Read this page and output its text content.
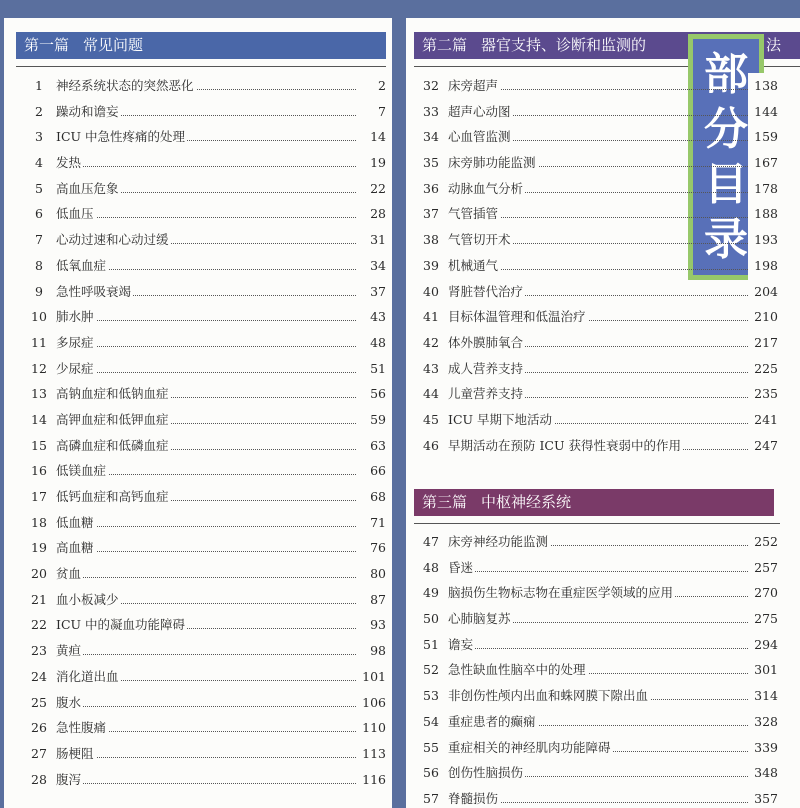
第一篇 常见问题
1	神经系统状态的突然恶化	2
2	躁动和谵妄	7
3	ICU 中急性疼痛的处理	14
4	发热	19
5	高血压危象	22
6	低血压	28
7	心动过速和心动过缓	31
8	低氧血症	34
9	急性呼吸衰竭	37
10 肺水肿	43
11 多尿症	48
12 少尿症	51
13 高钠血症和低钠血症	56
14 高钾血症和低钾血症	59
15 高磷血症和低磷血症	63
16 低镁血症	66
17 低钙血症和高钙血症	68
18 低血糖	71
19 高血糖	76
20 贫血	80
21 血小板减少	87
22 ICU 中的凝血功能障碍	93
23 黄疸	98
24 消化道出血	101
25 腹水	106
26 急性腹痛	110
27 肠梗阻	113
28 腹泻	116
第二篇 器官支持、诊断和监测的	法
32 床旁超声	138
33 超声心动图	144
34 心血管监测	159
35 床旁肺功能监测	167
36 动脉血气分析	178
37 气管插管	188
38 气管切开术	193
39 机械通气	198
40 肾脏替代治疗	204
41 目标体温管理和低温治疗	210
42 体外膜肺氧合	217
43 成人营养支持	225
44 儿童营养支持	235
45 ICU 早期下地活动	241
46 早期活动在预防 ICU 获得性衰弱中的作用	247
第三篇 中枢神经系统
47 床旁神经功能监测	252
48 昏迷	257
49 脑损伤生物标志物在重症医学领域的应用	270
50 心肺脑复苏	275
51 谵妄	294
52 急性缺血性脑卒中的处理	301
53 非创伤性颅内出血和蛛网膜下隙出血	314
54 重症患者的癫痫	328
55 重症相关的神经肌肉功能障碍	339
56 创伤性脑损伤	348
57 脊髓损伤	357
部
分
目
录
